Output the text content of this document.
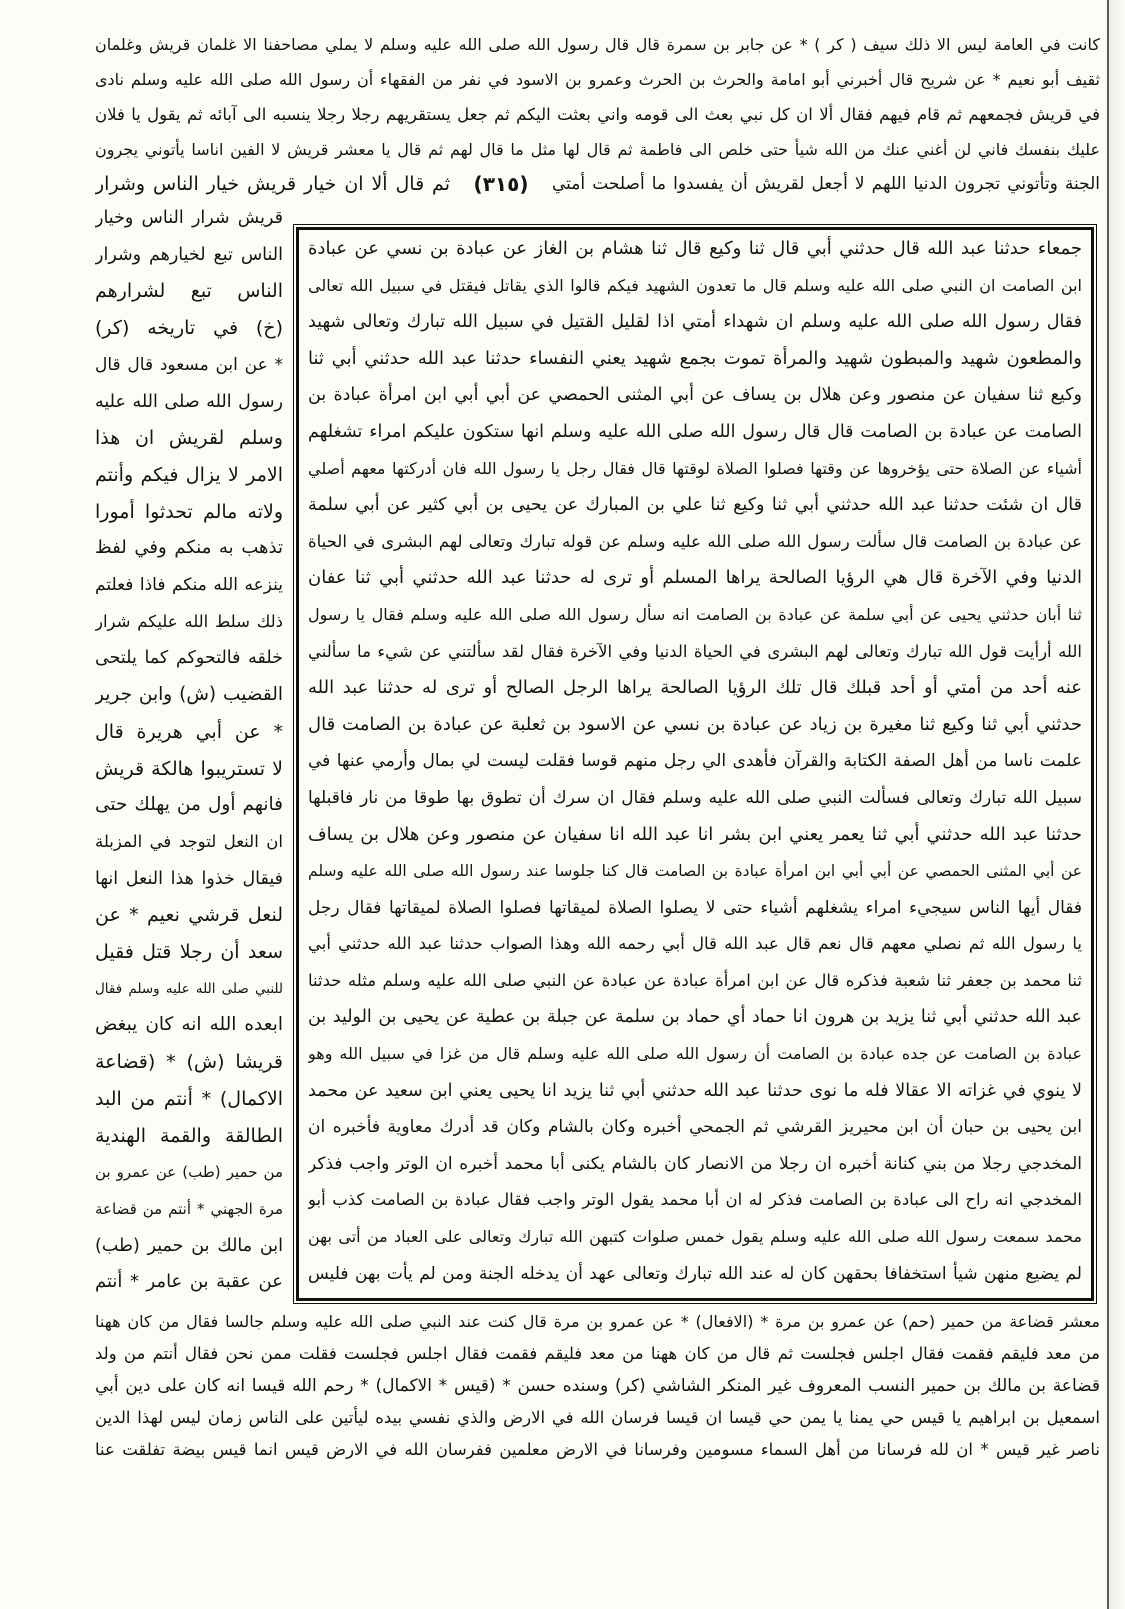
كانت في العامة ليس الا ذلك سيف ( كر ) * عن جابر بن سمرة قال قال رسول الله صلى الله عليه وسلم لا يملي مصاحفنا الا غلمان قريش وغلمان
ثقيف أبو نعيم * عن شريح قال أخبرني أبو امامة والحرث بن الحرث وعمرو بن الاسود في نفر من الفقهاء أن رسول الله صلى الله عليه وسلم نادى
في قريش فجمعهم ثم قام فيهم فقال ألا ان كل نبي بعث الى قومه واني بعثت اليكم ثم جعل يستقريهم رجلا رجلا ينسبه الى آبائه ثم يقول يا فلان
عليك بنفسك فاني لن أغني عنك من الله شيأ حتى خلص الى فاطمة ثم قال لها مثل ما قال لهم ثم قال يا معشر قريش لا الفين اناسا يأتوني يجرون
الجنة وتأتوني تجرون الدنيا اللهم لا أجعل لقريش أن يفسدوا ما أصلحت أمتي
(٣١٥)
ثم قال ألا ان خيار قريش خيار الناس وشرار
قريش شرار الناس وخيار
الناس تبع لخيارهم وشرار
الناس تبع لشرارهم
(خ) في تاريخه (كر)
* عن ابن مسعود قال قال
رسول الله صلى الله عليه
وسلم لقريش ان هذا
الامر لا يزال فيكم وأنتم
ولاته مالم تحدثوا أمورا
تذهب به منكم وفي لفظ
ينزعه الله منكم فاذا فعلتم
ذلك سلط الله عليكم شرار
خلقه فالتحوكم كما يلتحى
القضيب (ش) وابن جرير
* عن أبي هريرة قال
لا تستريبوا هالكة قريش
فانهم أول من يهلك حتى
ان النعل لتوجد في المزبلة
فيقال خذوا هذا النعل انها
لنعل قرشي نعيم * عن
سعد أن رجلا قتل فقيل
للنبي صلى الله عليه وسلم فقال
ابعده الله انه كان يبغض
قريشا (ش) * (قضاعة
الاكمال) * أنتم من البد
الطالقة والقمة الهندية
من حمير (طب) عن عمرو بن
مرة الجهني * أنتم من قضاعة
ابن مالك بن حمير (طب)
عن عقبة بن عامر * أنتم
جمعاء حدثنا عبد الله قال حدثني أبي قال ثنا وكيع قال ثنا هشام بن الغاز عن عبادة بن نسي عن عبادة
ابن الصامت ان النبي صلى الله عليه وسلم قال ما تعدون الشهيد فيكم قالوا الذي يقاتل فيقتل في سبيل الله تعالى
فقال رسول الله صلى الله عليه وسلم ان شهداء أمتي اذا لقليل القتيل في سبيل الله تبارك وتعالى شهيد
والمطعون شهيد والمبطون شهيد والمرأة تموت بجمع شهيد يعني النفساء حدثنا عبد الله حدثني أبي ثنا
وكيع ثنا سفيان عن منصور وعن هلال بن يساف عن أبي المثنى الحمصي عن أبي أبي ابن امرأة عبادة بن
الصامت عن عبادة بن الصامت قال قال رسول الله صلى الله عليه وسلم انها ستكون عليكم امراء تشغلهم
أشياء عن الصلاة حتى يؤخروها عن وقتها فصلوا الصلاة لوقتها قال فقال رجل يا رسول الله فان أدركتها معهم أصلي
قال ان شئت حدثنا عبد الله حدثني أبي ثنا وكيع ثنا علي بن المبارك عن يحيى بن أبي كثير عن أبي سلمة
عن عبادة بن الصامت قال سألت رسول الله صلى الله عليه وسلم عن قوله تبارك وتعالى لهم البشرى في الحياة
الدنيا وفي الآخرة قال هي الرؤيا الصالحة يراها المسلم أو ترى له حدثنا عبد الله حدثني أبي ثنا عفان
ثنا أبان حدثني يحيى عن أبي سلمة عن عبادة بن الصامت انه سأل رسول الله صلى الله عليه وسلم فقال يا رسول
الله أرأيت قول الله تبارك وتعالى لهم البشرى في الحياة الدنيا وفي الآخرة فقال لقد سألتني عن شيء ما سألني
عنه أحد من أمتي أو أحد قبلك قال تلك الرؤيا الصالحة يراها الرجل الصالح أو ترى له حدثنا عبد الله
حدثني أبي ثنا وكيع ثنا مغيرة بن زياد عن عبادة بن نسي عن الاسود بن ثعلبة عن عبادة بن الصامت قال
علمت ناسا من أهل الصفة الكتابة والقرآن فأهدى الي رجل منهم قوسا فقلت ليست لي بمال وأرمي عنها في
سبيل الله تبارك وتعالى فسألت النبي صلى الله عليه وسلم فقال ان سرك أن تطوق بها طوقا من نار فاقبلها
حدثنا عبد الله حدثني أبي ثنا يعمر يعني ابن بشر انا عبد الله انا سفيان عن منصور وعن هلال بن يساف
عن أبي المثنى الحمصي عن أبي أبي ابن امرأة عبادة بن الصامت قال كنا جلوسا عند رسول الله صلى الله عليه وسلم
فقال أيها الناس سيجيء امراء يشغلهم أشياء حتى لا يصلوا الصلاة لميقاتها فصلوا الصلاة لميقاتها فقال رجل
يا رسول الله ثم نصلي معهم قال نعم قال عبد الله قال أبي رحمه الله وهذا الصواب حدثنا عبد الله حدثني أبي
ثنا محمد بن جعفر ثنا شعبة فذكره قال عن ابن امرأة عبادة عن عبادة عن النبي صلى الله عليه وسلم مثله حدثنا
عبد الله حدثني أبي ثنا يزيد بن هرون انا حماد أي حماد بن سلمة عن جبلة بن عطية عن يحيى بن الوليد بن
عبادة بن الصامت عن جده عبادة بن الصامت أن رسول الله صلى الله عليه وسلم قال من غزا في سبيل الله وهو
لا ينوي في غزاته الا عقالا فله ما نوى حدثنا عبد الله حدثني أبي ثنا يزيد انا يحيى يعني ابن سعيد عن محمد
ابن يحيى بن حبان أن ابن محيريز القرشي ثم الجمحي أخبره وكان بالشام وكان قد أدرك معاوية فأخبره ان
المخدجي رجلا من بني كنانة أخبره ان رجلا من الانصار كان بالشام يكنى أبا محمد أخبره ان الوتر واجب فذكر
المخدجي انه راح الى عبادة بن الصامت فذكر له ان أبا محمد يقول الوتر واجب فقال عبادة بن الصامت كذب أبو
محمد سمعت رسول الله صلى الله عليه وسلم يقول خمس صلوات كتبهن الله تبارك وتعالى على العباد من أتى بهن
لم يضيع منهن شيأ استخفافا بحقهن كان له عند الله تبارك وتعالى عهد أن يدخله الجنة ومن لم يأت بهن فليس
معشر قضاعة من حمير (حم) عن عمرو بن مرة * (الافعال) * عن عمرو بن مرة قال كنت عند النبي صلى الله عليه وسلم جالسا فقال من كان ههنا
من معد فليقم فقمت فقال اجلس فجلست ثم قال من كان ههنا من معد فليقم فقمت فقال اجلس فجلست فقلت ممن نحن فقال أنتم من ولد
قضاعة بن مالك بن حمير النسب المعروف غير المنكر الشاشي (كر) وسنده حسن * (قيس * الاكمال) * رحم الله قيسا انه كان على دين أبي
اسمعيل بن ابراهيم يا قيس حي يمنا يا يمن حي قيسا ان قيسا فرسان الله في الارض والذي نفسي بيده ليأتين على الناس زمان ليس لهذا الدين
ناصر غير قيس * ان لله فرسانا من أهل السماء مسومين وفرسانا في الارض معلمين ففرسان الله في الارض قيس انما قيس بيضة تفلقت عنا
